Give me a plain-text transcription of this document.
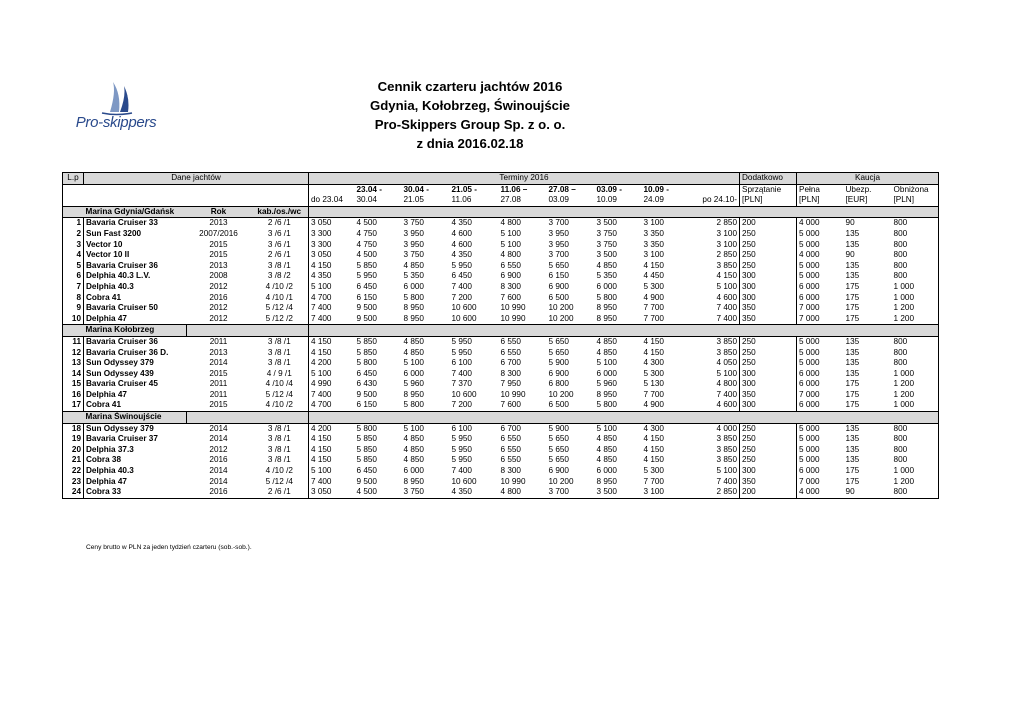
Pro-skippers
Cennik czarteru jachtów 2016
Gdynia, Kołobrzeg, Świnoujście
Pro-Skippers Group Sp. z o. o.
z dnia 2016.02.18
L.p	Dane jachtów			Terminy 2016									Dodatkowo	Kaucja		
					23.04 -	30.04 -	21.05 -	11.06 –	27.08 –	03.09 -	10.09 -		Sprzątanie	Pełna	Ubezp.	Obniżona
				do 23.04	30.04	21.05	11.06	27.08	03.09	10.09	24.09	po 24.10-	[PLN]	[PLN]	[EUR]	[PLN]
	Marina Gdynia/Gdańsk	Rok	kab./os./wc													
1	Bavaria Cruiser 33	2013	2 /6 /1	3 050	4 500	3 750	4 350	4 800	3 700	3 500	3 100	2 850	200	4 000	90	800
2	Sun Fast 3200	2007/2016	3 /6 /1	3 300	4 750	3 950	4 600	5 100	3 950	3 750	3 350	3 100	250	5 000	135	800
3	Vector 10	2015	3 /6 /1	3 300	4 750	3 950	4 600	5 100	3 950	3 750	3 350	3 100	250	5 000	135	800
4	Vector 10 II	2015	2 /6 /1	3 050	4 500	3 750	4 350	4 800	3 700	3 500	3 100	2 850	250	4 000	90	800
5	Bavaria Cruiser 36	2013	3 /8 /1	4 150	5 850	4 850	5 950	6 550	5 650	4 850	4 150	3 850	250	5 000	135	800
6	Delphia 40.3 L.V.	2008	3 /8 /2	4 350	5 950	5 350	6 450	6 900	6 150	5 350	4 450	4 150	300	5 000	135	800
7	Delphia 40.3	2012	4 /10 /2	5 100	6 450	6 000	7 400	8 300	6 900	6 000	5 300	5 100	300	6 000	175	1 000
8	Cobra 41	2016	4 /10 /1	4 700	6 150	5 800	7 200	7 600	6 500	5 800	4 900	4 600	300	6 000	175	1 000
9	Bavaria Cruiser 50	2012	5 /12 /4	7 400	9 500	8 950	10 600	10 990	10 200	8 950	7 700	7 400	350	7 000	175	1 200
10	Delphia 47	2012	5 /12 /2	7 400	9 500	8 950	10 600	10 990	10 200	8 950	7 700	7 400	350	7 000	175	1 200
	Marina Kołobrzeg															
11	Bavaria Cruiser 36	2011	3 /8 /1	4 150	5 850	4 850	5 950	6 550	5 650	4 850	4 150	3 850	250	5 000	135	800
12	Bavaria Cruiser 36 D.	2013	3 /8 /1	4 150	5 850	4 850	5 950	6 550	5 650	4 850	4 150	3 850	250	5 000	135	800
13	Sun Odyssey 379	2014	3 /8 /1	4 200	5 800	5 100	6 100	6 700	5 900	5 100	4 300	4 050	250	5 000	135	800
14	Sun Odyssey 439	2015	4 / 9 /1	5 100	6 450	6 000	7 400	8 300	6 900	6 000	5 300	5 100	300	6 000	135	1 000
15	Bavaria Cruiser 45	2011	4 /10 /4	4 990	6 430	5 960	7 370	7 950	6 800	5 960	5 130	4 800	300	6 000	175	1 200
16	Delphia 47	2011	5 /12 /4	7 400	9 500	8 950	10 600	10 990	10 200	8 950	7 700	7 400	350	7 000	175	1 200
17	Cobra 41	2015	4 /10 /2	4 700	6 150	5 800	7 200	7 600	6 500	5 800	4 900	4 600	300	6 000	175	1 000
	Marina Świnoujście															
18	Sun Odyssey 379	2014	3 /8 /1	4 200	5 800	5 100	6 100	6 700	5 900	5 100	4 300	4 000	250	5 000	135	800
19	Bavaria Cruiser 37	2014	3 /8 /1	4 150	5 850	4 850	5 950	6 550	5 650	4 850	4 150	3 850	250	5 000	135	800
20	Delphia 37.3	2012	3 /8 /1	4 150	5 850	4 850	5 950	6 550	5 650	4 850	4 150	3 850	250	5 000	135	800
21	Cobra 38	2016	3 /8 /1	4 150	5 850	4 850	5 950	6 550	5 650	4 850	4 150	3 850	250	5 000	135	800
22	Delphia 40.3	2014	4 /10 /2	5 100	6 450	6 000	7 400	8 300	6 900	6 000	5 300	5 100	300	6 000	175	1 000
23	Delphia 47	2014	5 /12 /4	7 400	9 500	8 950	10 600	10 990	10 200	8 950	7 700	7 400	350	7 000	175	1 200
24	Cobra 33	2016	2 /6 /1	3 050	4 500	3 750	4 350	4 800	3 700	3 500	3 100	2 850	200	4 000	90	800
Ceny brutto w PLN za jeden tydzień czarteru (sob.-sob.).
